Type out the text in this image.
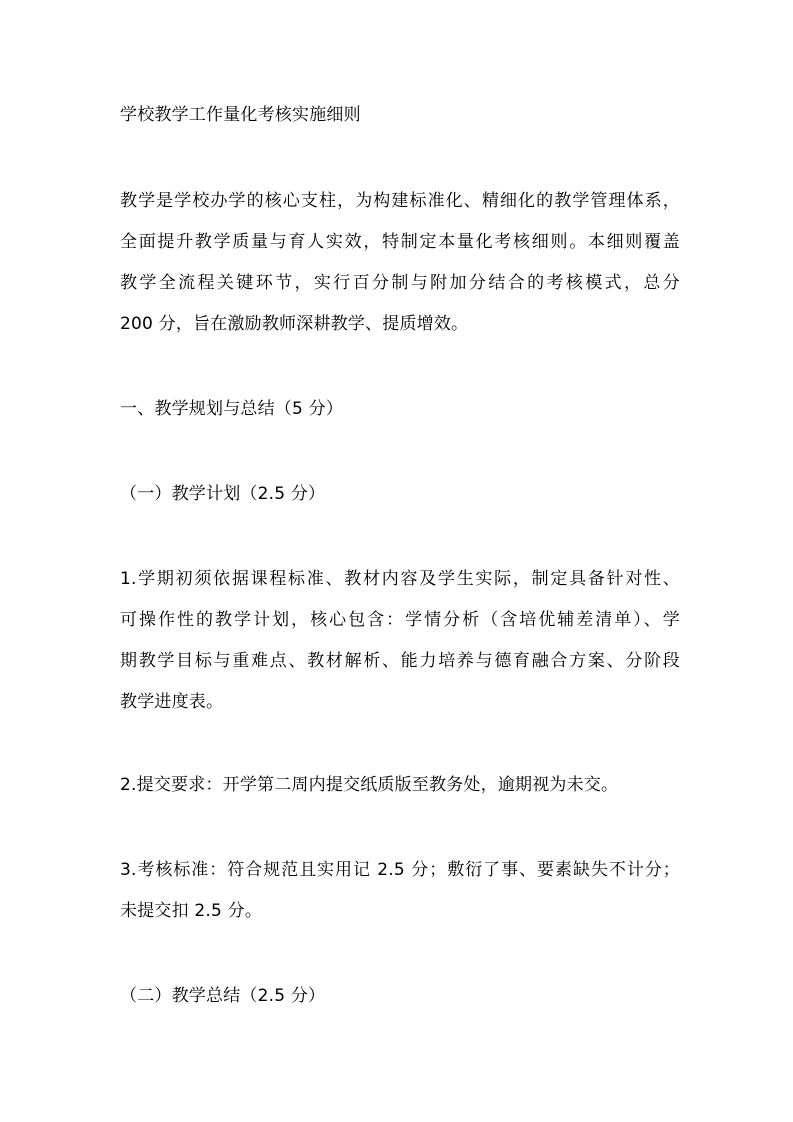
学校教学工作量化考核实施细则
教学是学校办学的核心支柱，为构建标准化、精细化的教学管理体系，
全面提升教学质量与育人实效，特制定本量化考核细则。本细则覆盖
教学全流程关键环节，实行百分制与附加分结合的考核模式，总分
200 分，旨在激励教师深耕教学、提质增效。
一、教学规划与总结（5 分）
（一）教学计划（2.5 分）
1.学期初须依据课程标准、教材内容及学生实际，制定具备针对性、
可操作性的教学计划，核心包含：学情分析（含培优辅差清单）、学
期教学目标与重难点、教材解析、能力培养与德育融合方案、分阶段
教学进度表。
2.提交要求：开学第二周内提交纸质版至教务处，逾期视为未交。
3.考核标准：符合规范且实用记 2.5 分；敷衍了事、要素缺失不计分；
未提交扣 2.5 分。
（二）教学总结（2.5 分）
